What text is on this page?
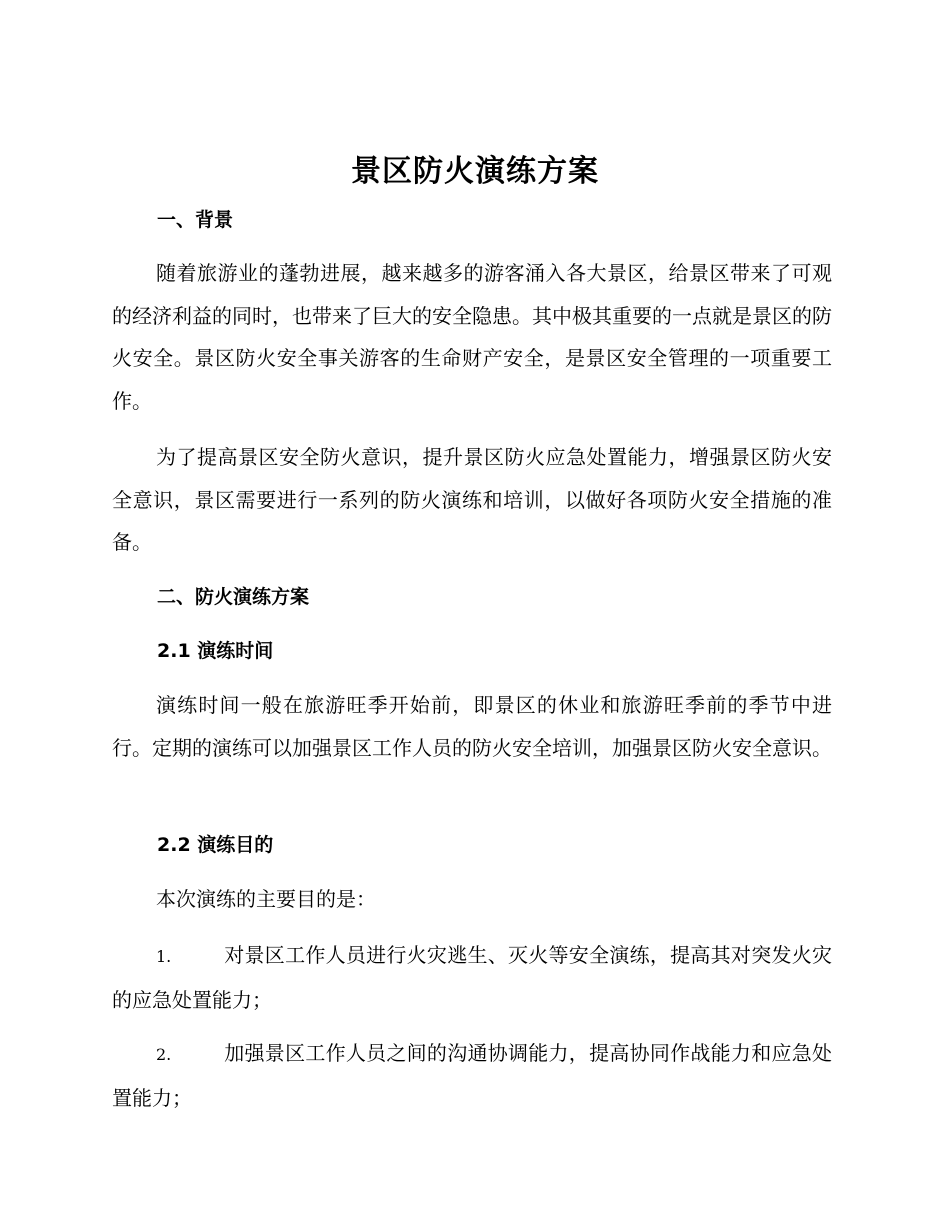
景区防火演练方案
一、背景

随着旅游业的蓬勃进展，越来越多的游客涌入各大景区，给景区带来了可观的经济利益的同时，也带来了巨大的安全隐患。其中极其重要的一点就是景区的防火安全。景区防火安全事关游客的生命财产安全，是景区安全管理的一项重要工作。

为了提高景区安全防火意识，提升景区防火应急处置能力，增强景区防火安全意识，景区需要进行一系列的防火演练和培训，以做好各项防火安全措施的准备。

二、防火演练方案
2.1 演练时间

演练时间一般在旅游旺季开始前，即景区的休业和旅游旺季前的季节中进行。定期的演练可以加强景区工作人员的防火安全培训，加强景区防火安全意识。

2.2 演练目的

本次演练的主要目的是：

1.	对景区工作人员进行火灾逃生、灭火等安全演练，提高其对突发火灾的应急处置能力；

2.	加强景区工作人员之间的沟通协调能力，提高协同作战能力和应急处置能力；
